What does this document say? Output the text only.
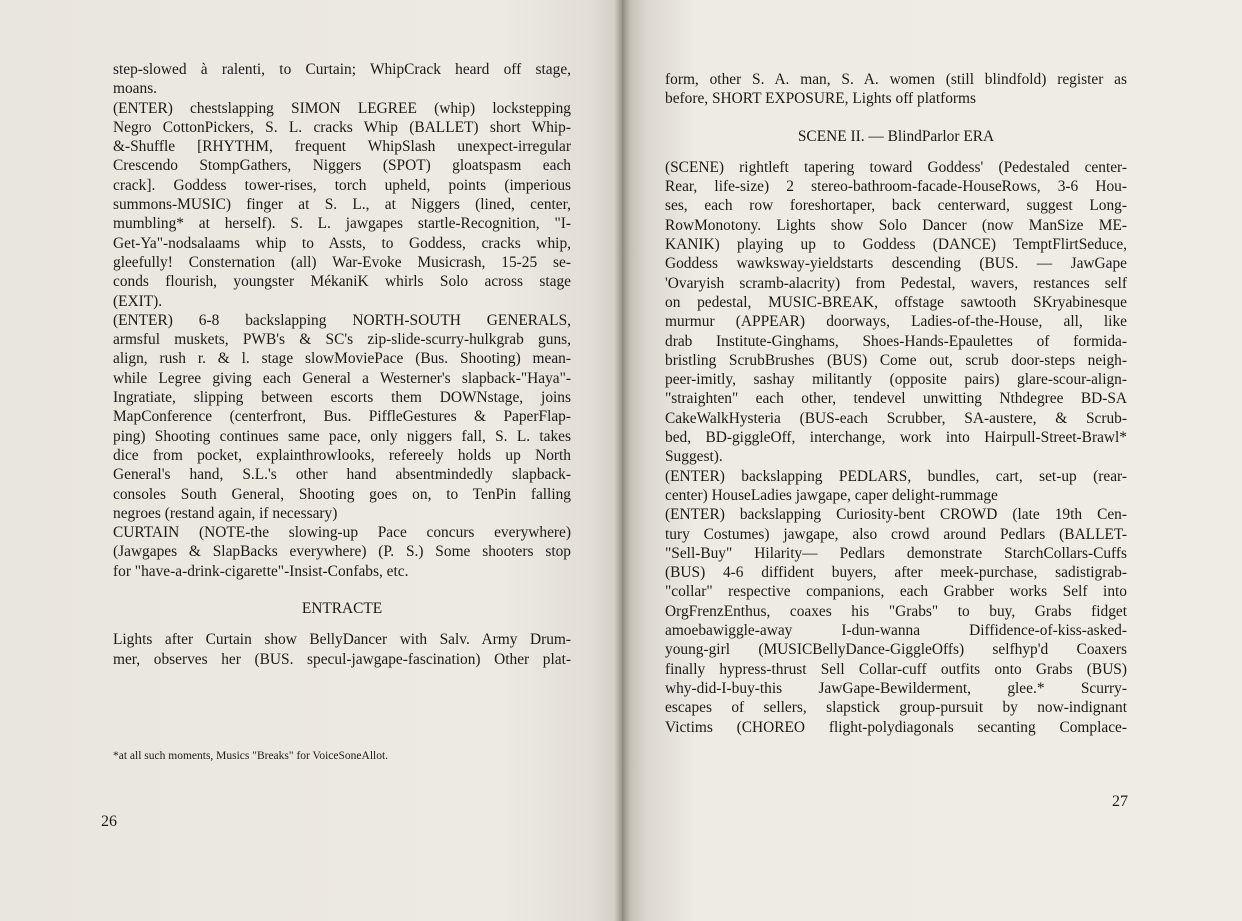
step-slowed à ralenti, to Curtain; WhipCrack heard off stage,
moans.
(ENTER) chestslapping SIMON LEGREE (whip) lockstepping
Negro CottonPickers, S. L. cracks Whip (BALLET) short Whip-
&-Shuffle [RHYTHM, frequent WhipSlash unexpect-irregular
Crescendo StompGathers, Niggers (SPOT) gloatspasm each
crack]. Goddess tower-rises, torch upheld, points (imperious
summons-MUSIC) finger at S. L., at Niggers (lined, center,
mumbling* at herself). S. L. jawgapes startle-Recognition, "I-
Get-Ya"-nodsalaams whip to Assts, to Goddess, cracks whip,
gleefully! Consternation (all) War-Evoke Musicrash, 15-25 se-
conds flourish, youngster MékaniK whirls Solo across stage
(EXIT).
(ENTER) 6-8 backslapping NORTH-SOUTH GENERALS,
armsful muskets, PWB's & SC's zip-slide-scurry-hulkgrab guns,
align, rush r. & l. stage slowMoviePace (Bus. Shooting) mean-
while Legree giving each General a Westerner's slapback-"Haya"-
Ingratiate, slipping between escorts them DOWNstage, joins
MapConference (centerfront, Bus. PiffleGestures & PaperFlap-
ping) Shooting continues same pace, only niggers fall, S. L. takes
dice from pocket, explainthrowlooks, refereely holds up North
General's hand, S.L.'s other hand absentmindedly slapback-
consoles South General, Shooting goes on, to TenPin falling
negroes (restand again, if necessary)
CURTAIN (NOTE-the slowing-up Pace concurs everywhere)
(Jawgapes & SlapBacks everywhere) (P. S.) Some shooters stop
for "have-a-drink-cigarette"-Insist-Confabs, etc.
ENTRACTE
Lights after Curtain show BellyDancer with Salv. Army Drum-
mer, observes her (BUS. specul-jawgape-fascination) Other plat-
*at all such moments, Musics "Breaks" for VoiceSoneAllot.
26
form, other S. A. man, S. A. women (still blindfold) register as
before, SHORT EXPOSURE, Lights off platforms
SCENE II. — BlindParlor ERA
(SCENE) rightleft tapering toward Goddess' (Pedestaled center-
Rear, life-size) 2 stereo-bathroom-facade-HouseRows, 3-6 Hou-
ses, each row foreshortaper, back centerward, suggest Long-
RowMonotony. Lights show Solo Dancer (now ManSize ME-
KANIK) playing up to Goddess (DANCE) TemptFlirtSeduce,
Goddess wawksway-yieldstarts descending (BUS. — JawGape
'Ovaryish scramb-alacrity) from Pedestal, wavers, restances self
on pedestal, MUSIC-BREAK, offstage sawtooth SKryabinesque
murmur (APPEAR) doorways, Ladies-of-the-House, all, like
drab Institute-Ginghams, Shoes-Hands-Epaulettes of formida-
bristling ScrubBrushes (BUS) Come out, scrub door-steps neigh-
peer-imitly, sashay militantly (opposite pairs) glare-scour-align-
"straighten" each other, tendevel unwitting Nthdegree BD-SA
CakeWalkHysteria (BUS-each Scrubber, SA-austere, & Scrub-
bed, BD-giggleOff, interchange, work into Hairpull-Street-Brawl*
Suggest).
(ENTER) backslapping PEDLARS, bundles, cart, set-up (rear-
center) HouseLadies jawgape, caper delight-rummage
(ENTER) backslapping Curiosity-bent CROWD (late 19th Cen-
tury Costumes) jawgape, also crowd around Pedlars (BALLET-
"Sell-Buy" Hilarity— Pedlars demonstrate StarchCollars-Cuffs
(BUS) 4-6 diffident buyers, after meek-purchase, sadistigrab-
"collar" respective companions, each Grabber works Self into
OrgFrenzEnthus, coaxes his "Grabs" to buy, Grabs fidget
amoebawiggle-away I-dun-wanna Diffidence-of-kiss-asked-
young-girl (MUSICBellyDance-GiggleOffs) selfhyp'd Coaxers
finally hypress-thrust Sell Collar-cuff outfits onto Grabs (BUS)
why-did-I-buy-this JawGape-Bewilderment, glee.* Scurry-
escapes of sellers, slapstick group-pursuit by now-indignant
Victims (CHOREO flight-polydiagonals secanting Complace-
27
